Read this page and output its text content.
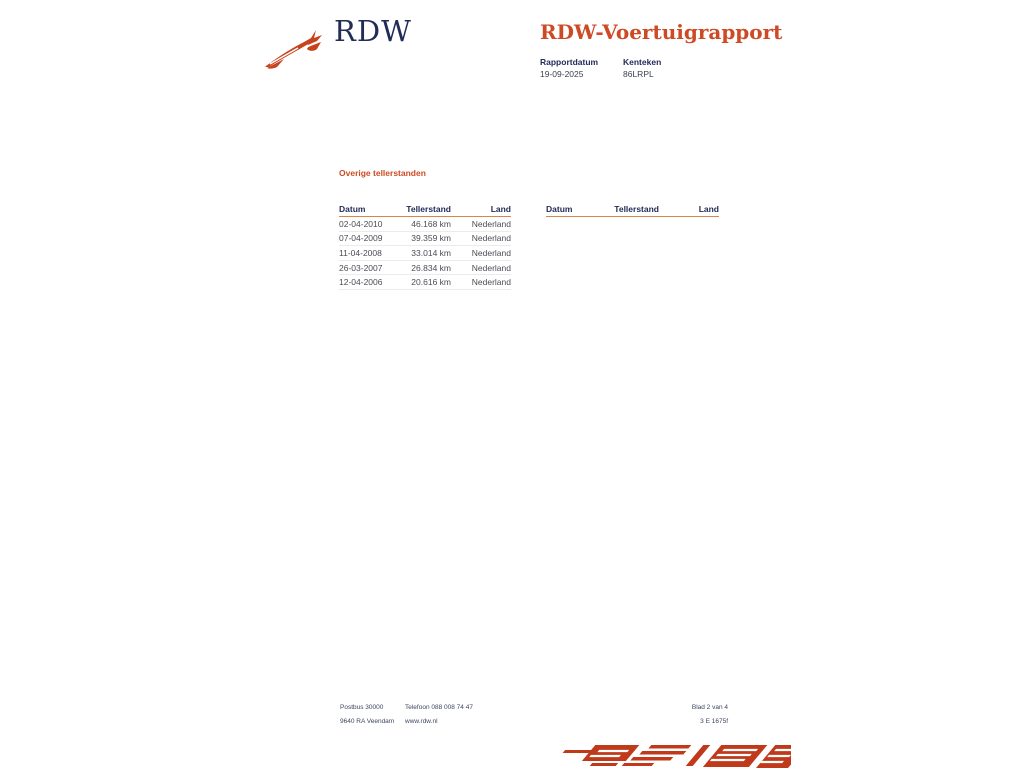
RDW	RDW-Voertuigrapport
Rapportdatum
19-09-2025
Kenteken
86LRPL
Overige tellerstanden
Datum	Tellerstand	Land
02-04-2010	46.168 km	Nederland
07-04-2009	39.359 km	Nederland
11-04-2008	33.014 km	Nederland
26-03-2007	26.834 km	Nederland
12-04-2006	20.616 km	Nederland
Datum	Tellerstand	Land
Postbus 30000
9640 RA Veendam
Telefoon 088 008 74 47
www.rdw.nl
Blad 2 van 4
3 E 1675f
